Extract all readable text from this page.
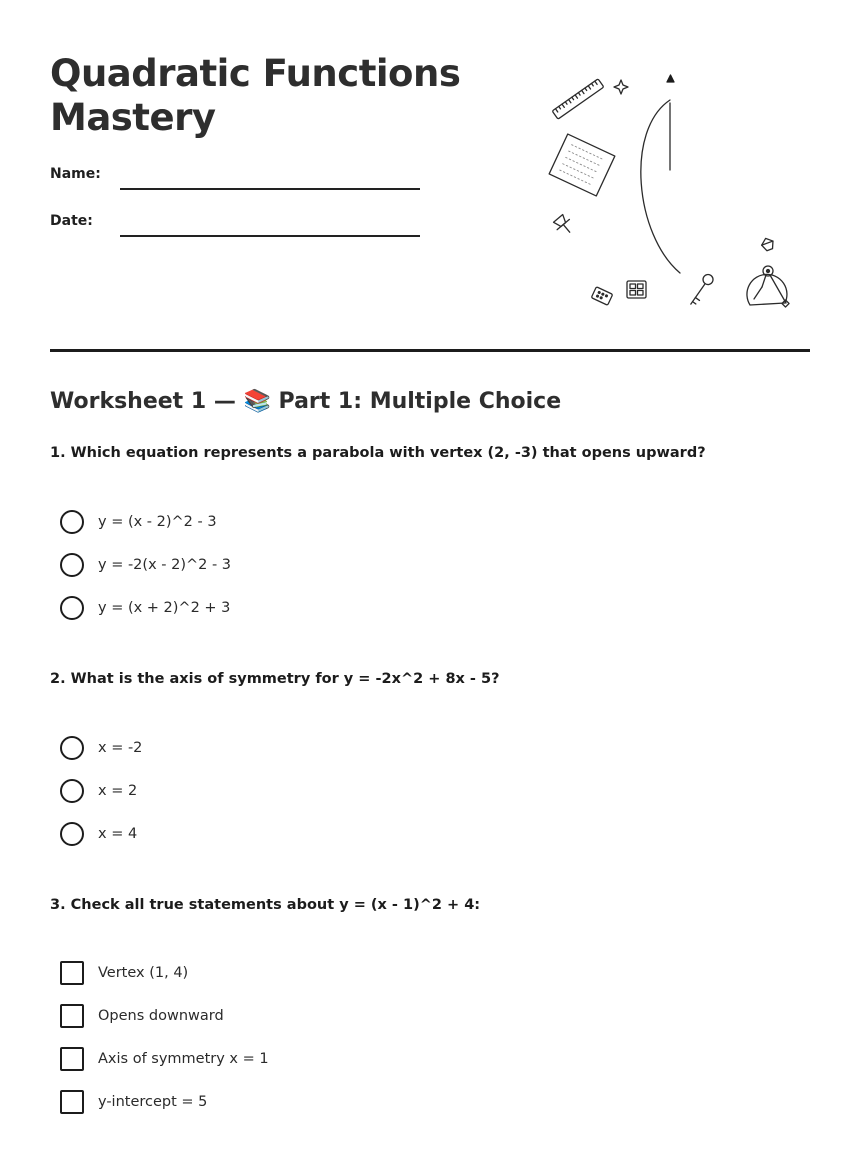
Quadratic Functions Mastery
Name:
Date:
Worksheet 1 — 📚 Part 1: Multiple Choice
1. Which equation represents a parabola with vertex (2, -3) that opens upward?
y = (x - 2)^2 - 3
y = -2(x - 2)^2 - 3
y = (x + 2)^2 + 3
2. What is the axis of symmetry for y = -2x^2 + 8x - 5?
x = -2
x = 2
x = 4
3. Check all true statements about y = (x - 1)^2 + 4:
Vertex (1, 4)
Opens downward
Axis of symmetry x = 1
y-intercept = 5
